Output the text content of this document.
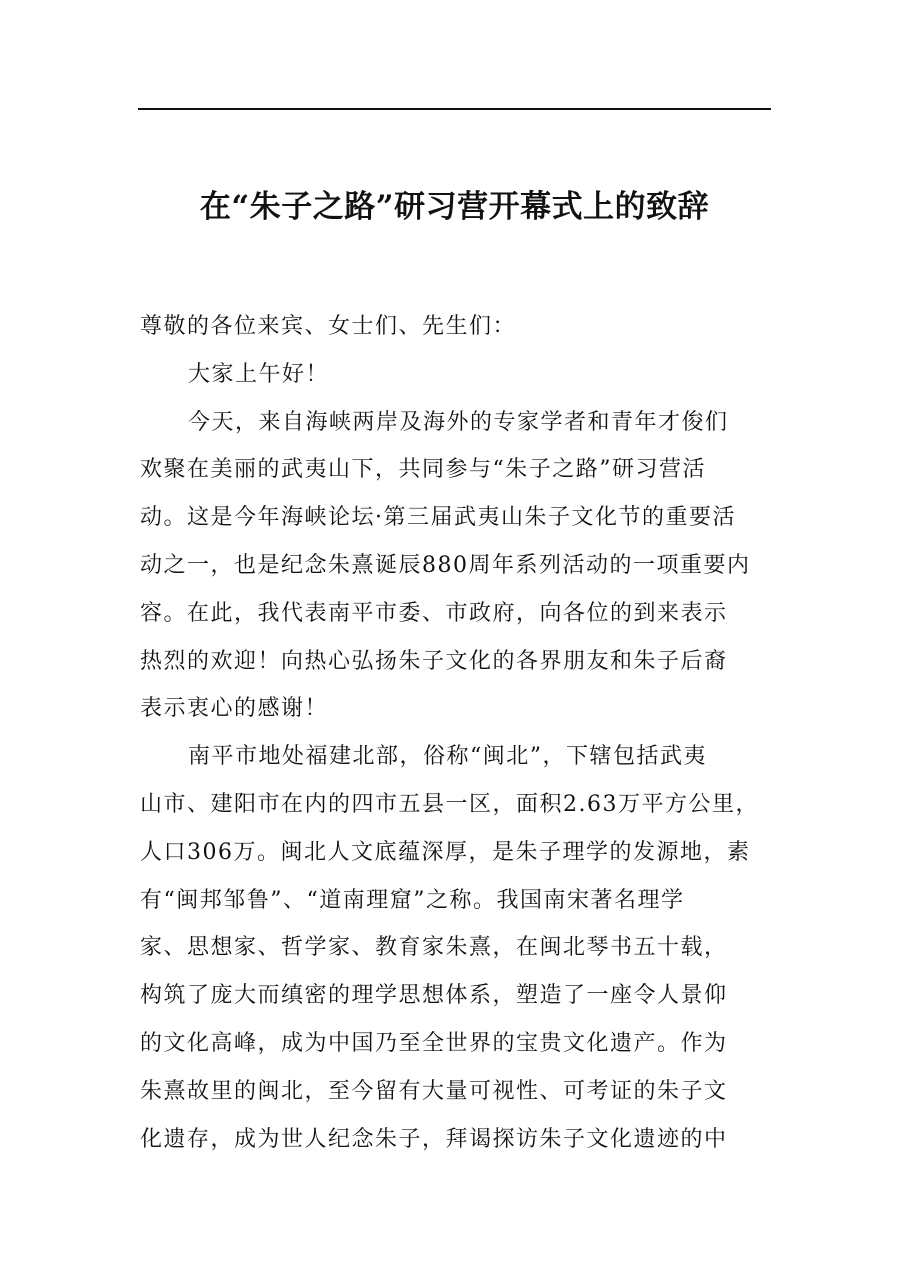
在“朱子之路”研习营开幕式上的致辞
尊敬的各位来宾、女士们、先生们：
大家上午好！
今天，来自海峡两岸及海外的专家学者和青年才俊们
欢聚在美丽的武夷山下，共同参与“朱子之路”研习营活
动。这是今年海峡论坛·第三届武夷山朱子文化节的重要活
动之一，也是纪念朱熹诞辰880周年系列活动的一项重要内
容。在此，我代表南平市委、市政府，向各位的到来表示
热烈的欢迎！向热心弘扬朱子文化的各界朋友和朱子后裔
表示衷心的感谢！
南平市地处福建北部，俗称“闽北”，下辖包括武夷
山市、建阳市在内的四市五县一区，面积2.63万平方公里，
人口306万。闽北人文底蕴深厚，是朱子理学的发源地，素
有“闽邦邹鲁”、“道南理窟”之称。我国南宋著名理学
家、思想家、哲学家、教育家朱熹，在闽北琴书五十载，
构筑了庞大而缜密的理学思想体系，塑造了一座令人景仰
的文化高峰，成为中国乃至全世界的宝贵文化遗产。作为
朱熹故里的闽北，至今留有大量可视性、可考证的朱子文
化遗存，成为世人纪念朱子，拜谒探访朱子文化遗迹的中
